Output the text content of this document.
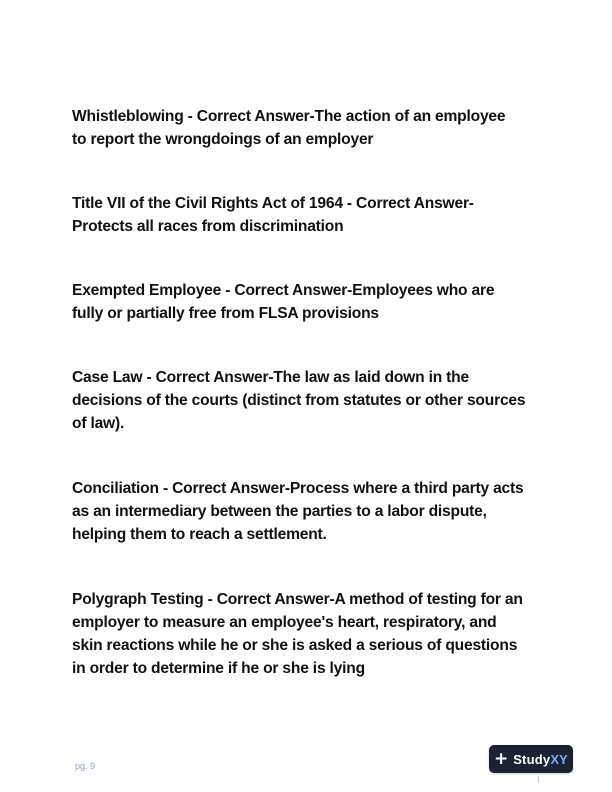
Whistleblowing - Correct Answer-The action of an employee
to report the wrongdoings of an employer

Title VII of the Civil Rights Act of 1964 - Correct Answer-
Protects all races from discrimination

Exempted Employee - Correct Answer-Employees who are
fully or partially free from FLSA provisions

Case Law - Correct Answer-The law as laid down in the
decisions of the courts (distinct from statutes or other sources
of law).

Conciliation - Correct Answer-Process where a third party acts
as an intermediary between the parties to a labor dispute,
helping them to reach a settlement.

Polygraph Testing - Correct Answer-A method of testing for an
employer to measure an employee's heart, respiratory, and
skin reactions while he or she is asked a serious of questions
in order to determine if he or she is lying

pg. 9	+ StudyXY
